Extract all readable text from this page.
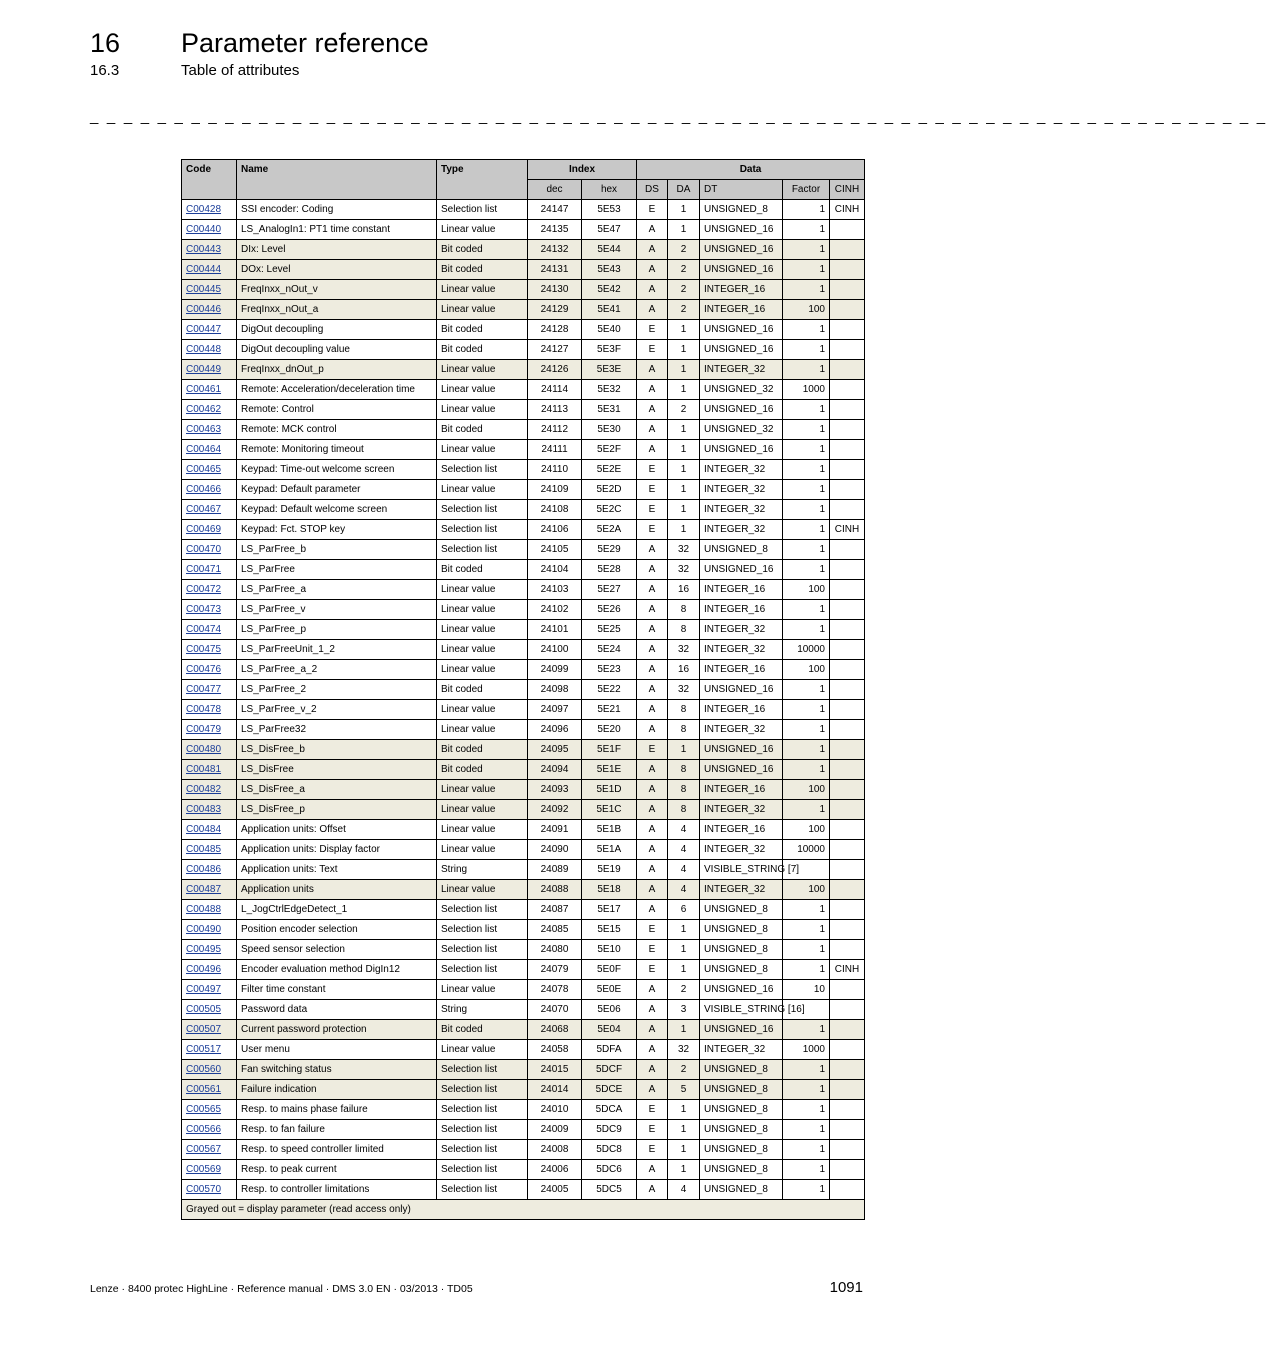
16 Parameter reference
16.3	Table of attributes
_ _ _ _ _ _ _ _ _ _ _ _ _ _ _ _ _ _ _ _ _ _ _ _ _ _ _ _ _ _ _ _ _ _ _ _ _ _ _ _ _ _ _ _ _ _ _ _ _ _ _ _ _ _ _ _ _ _ _ _ _ _ _ _ _ _ _ _ _ _
Code	Name	Type	Index		Data				
			dec	hex	DS	DA	DT	Factor	CINH
C00428	SSI encoder: Coding	Selection list	24147	5E53	E	1	UNSIGNED_8	1	CINH
C00440	LS_AnalogIn1: PT1 time constant	Linear value	24135	5E47	A	1	UNSIGNED_16	1	
C00443	DIx: Level	Bit coded	24132	5E44	A	2	UNSIGNED_16	1	
C00444	DOx: Level	Bit coded	24131	5E43	A	2	UNSIGNED_16	1	
C00445	FreqInxx_nOut_v	Linear value	24130	5E42	A	2	INTEGER_16	1	
C00446	FreqInxx_nOut_a	Linear value	24129	5E41	A	2	INTEGER_16	100	
C00447	DigOut decoupling	Bit coded	24128	5E40	E	1	UNSIGNED_16	1	
C00448	DigOut decoupling value	Bit coded	24127	5E3F	E	1	UNSIGNED_16	1	
C00449	FreqInxx_dnOut_p	Linear value	24126	5E3E	A	1	INTEGER_32	1	
C00461	Remote: Acceleration/deceleration time	Linear value	24114	5E32	A	1	UNSIGNED_32	1000	
C00462	Remote: Control	Linear value	24113	5E31	A	2	UNSIGNED_16	1	
C00463	Remote: MCK control	Bit coded	24112	5E30	A	1	UNSIGNED_32	1	
C00464	Remote: Monitoring timeout	Linear value	24111	5E2F	A	1	UNSIGNED_16	1	
C00465	Keypad: Time-out welcome screen	Selection list	24110	5E2E	E	1	INTEGER_32	1	
C00466	Keypad: Default parameter	Linear value	24109	5E2D	E	1	INTEGER_32	1	
C00467	Keypad: Default welcome screen	Selection list	24108	5E2C	E	1	INTEGER_32	1	
C00469	Keypad: Fct. STOP key	Selection list	24106	5E2A	E	1	INTEGER_32	1	CINH
C00470	LS_ParFree_b	Selection list	24105	5E29	A	32	UNSIGNED_8	1	
C00471	LS_ParFree	Bit coded	24104	5E28	A	32	UNSIGNED_16	1	
C00472	LS_ParFree_a	Linear value	24103	5E27	A	16	INTEGER_16	100	
C00473	LS_ParFree_v	Linear value	24102	5E26	A	8	INTEGER_16	1	
C00474	LS_ParFree_p	Linear value	24101	5E25	A	8	INTEGER_32	1	
C00475	LS_ParFreeUnit_1_2	Linear value	24100	5E24	A	32	INTEGER_32	10000	
C00476	LS_ParFree_a_2	Linear value	24099	5E23	A	16	INTEGER_16	100	
C00477	LS_ParFree_2	Bit coded	24098	5E22	A	32	UNSIGNED_16	1	
C00478	LS_ParFree_v_2	Linear value	24097	5E21	A	8	INTEGER_16	1	
C00479	LS_ParFree32	Linear value	24096	5E20	A	8	INTEGER_32	1	
C00480	LS_DisFree_b	Bit coded	24095	5E1F	E	1	UNSIGNED_16	1	
C00481	LS_DisFree	Bit coded	24094	5E1E	A	8	UNSIGNED_16	1	
C00482	LS_DisFree_a	Linear value	24093	5E1D	A	8	INTEGER_16	100	
C00483	LS_DisFree_p	Linear value	24092	5E1C	A	8	INTEGER_32	1	
C00484	Application units: Offset	Linear value	24091	5E1B	A	4	INTEGER_16	100	
C00485	Application units: Display factor	Linear value	24090	5E1A	A	4	INTEGER_32	10000	
C00486	Application units: Text	String	24089	5E19	A	4	VISIBLE_STRING [7]		
C00487	Application units	Linear value	24088	5E18	A	4	INTEGER_32	100	
C00488	L_JogCtrlEdgeDetect_1	Selection list	24087	5E17	A	6	UNSIGNED_8	1	
C00490	Position encoder selection	Selection list	24085	5E15	E	1	UNSIGNED_8	1	
C00495	Speed sensor selection	Selection list	24080	5E10	E	1	UNSIGNED_8	1	
C00496	Encoder evaluation method DigIn12	Selection list	24079	5E0F	E	1	UNSIGNED_8	1	CINH
C00497	Filter time constant	Linear value	24078	5E0E	A	2	UNSIGNED_16	10	
C00505	Password data	String	24070	5E06	A	3	VISIBLE_STRING [16]		
C00507	Current password protection	Bit coded	24068	5E04	A	1	UNSIGNED_16	1	
C00517	User menu	Linear value	24058	5DFA	A	32	INTEGER_32	1000	
C00560	Fan switching status	Selection list	24015	5DCF	A	2	UNSIGNED_8	1	
C00561	Failure indication	Selection list	24014	5DCE	A	5	UNSIGNED_8	1	
C00565	Resp. to mains phase failure	Selection list	24010	5DCA	E	1	UNSIGNED_8	1	
C00566	Resp. to fan failure	Selection list	24009	5DC9	E	1	UNSIGNED_8	1	
C00567	Resp. to speed controller limited	Selection list	24008	5DC8	E	1	UNSIGNED_8	1	
C00569	Resp. to peak current	Selection list	24006	5DC6	A	1	UNSIGNED_8	1	
C00570	Resp. to controller limitations	Selection list	24005	5DC5	A	4	UNSIGNED_8	1	
Grayed out = display parameter (read access only)									
Lenze · 8400 protec HighLine · Reference manual · DMS 3.0 EN · 03/2013 · TD05	1091
